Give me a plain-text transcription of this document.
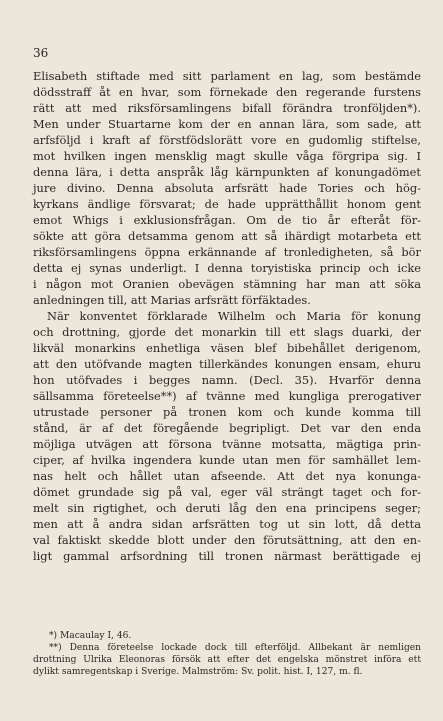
36
Elisabeth stiftade med sitt parlament en lag, som bestämde
dödsstraff åt en hvar, som förnekade den regerande furstens
rätt att med riksförsamlingens bifall förändra tronföljden*).
Men under Stuartarne kom der en annan lära, som sade, att
arfsföljd i kraft af förstfödslorätt vore en gudomlig stiftelse,
mot hvilken ingen mensklig magt skulle våga förgripa sig. I
denna lära, i detta anspråk låg kärnpunkten af konungadömet
jure divino. Denna absoluta arfsrätt hade Tories och hög-
kyrkans ändlige försvarat; de hade upprätthållit honom gent
emot Whigs i exklusionsfrågan. Om de tio år efteråt för-
sökte att göra detsamma genom att så ihärdigt motarbeta ett
riksförsamlingens öppna erkännande af tronledigheten, så bör
detta ej synas underligt. I denna toryistiska princip och icke
i någon mot Oranien obevägen stämning har man att söka
anledningen till, att Marias arfsrätt förfäktades.
När konventet förklarade Wilhelm och Maria för konung
och drottning, gjorde det monarkin till ett slags duarki, der
likväl monarkins enhetliga väsen blef bibehållet derigenom,
att den utöfvande magten tillerkändes konungen ensam, ehuru
hon utöfvades i begges namn. (Decl. 35). Hvarför denna
sällsamma företeelse**) af tvänne med kungliga prerogativer
utrustade personer på tronen kom och kunde komma till
stånd, är af det föregående begripligt. Det var den enda
möjliga utvägen att försona tvänne motsatta, mägtiga prin-
ciper, af hvilka ingendera kunde utan men för samhället lem-
nas helt och hållet utan afseende. Att det nya konunga-
dömet grundade sig på val, eger väl strängt taget och for-
melt sin rigtighet, och deruti låg den ena principens seger;
men att å andra sidan arfsrätten tog ut sin lott, då detta
val faktiskt skedde blott under den förutsättning, att den en-
ligt gammal arfsordning till tronen närmast berättigade ej
*) Macaulay I, 46.
**) Denna företeelse lockade dock till efterföljd. Allbekant är nemligen
drottning Ulrika Eleonoras försök att efter det engelska mönstret införa ett
dylikt samregentskap i Sverige. Malmström: Sv. polit. hist. I, 127, m. fl.
